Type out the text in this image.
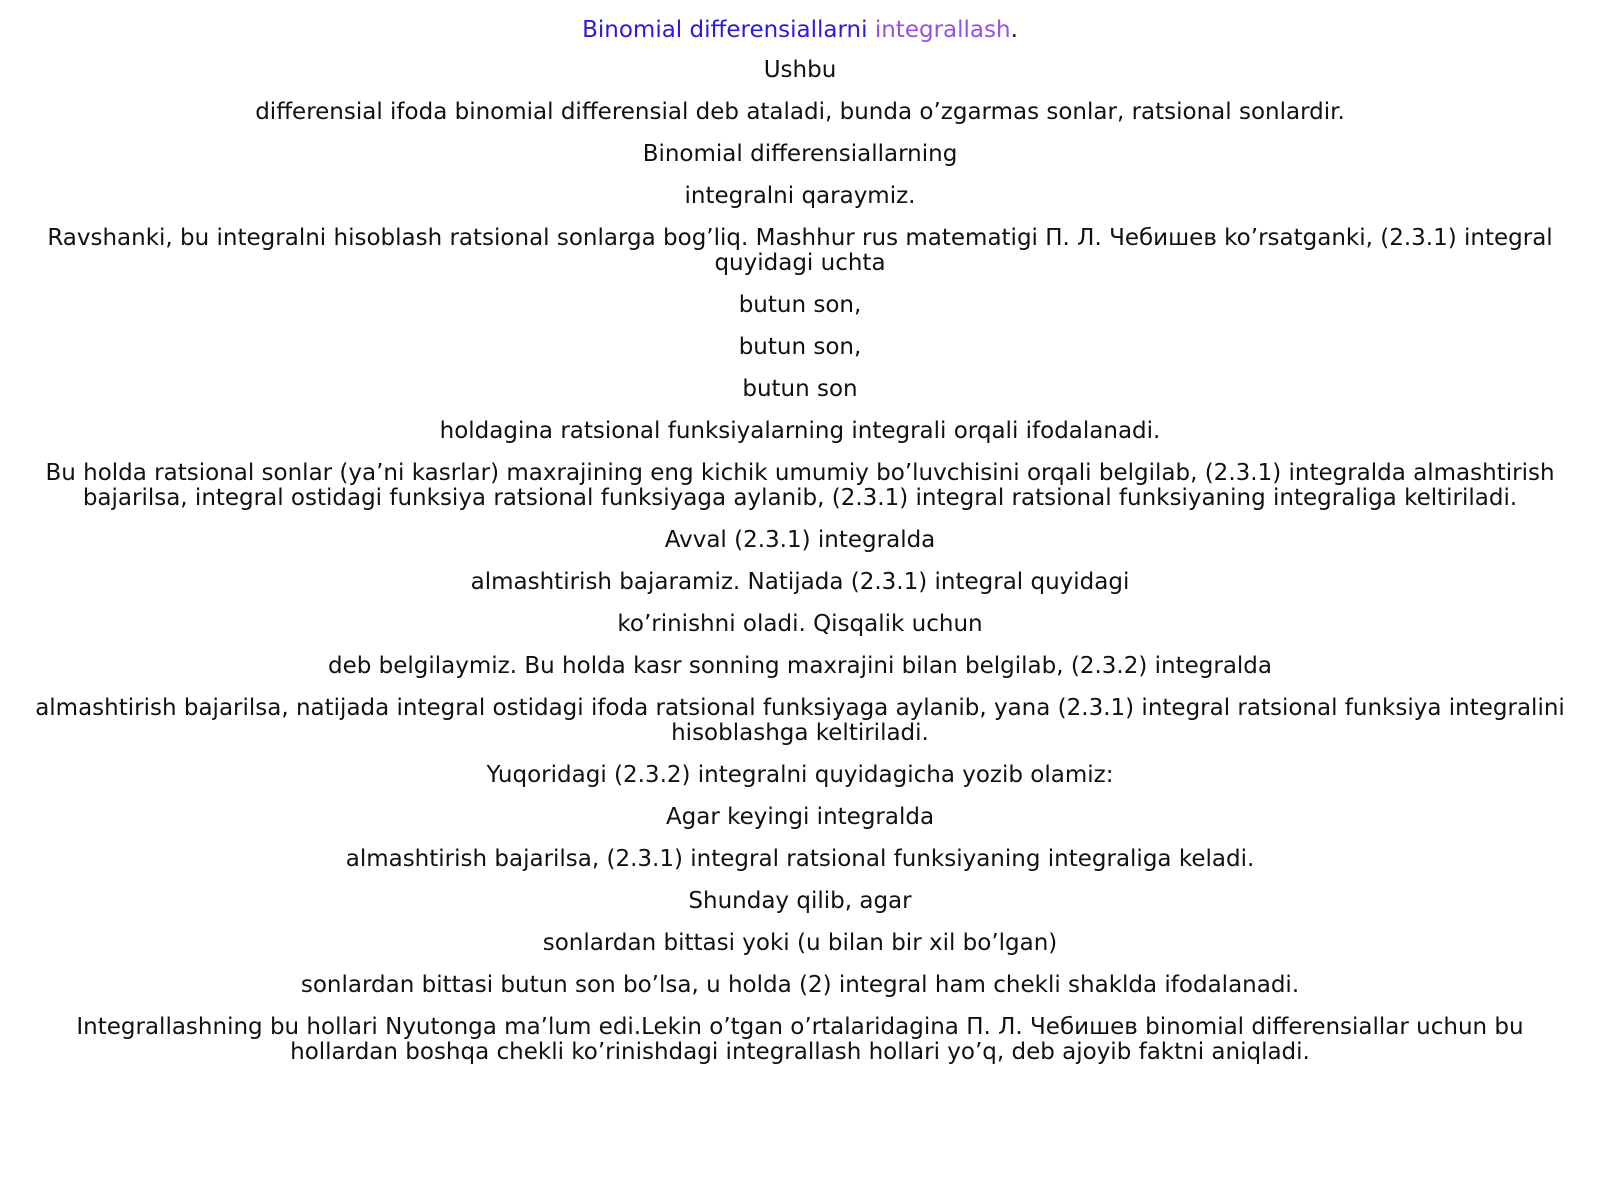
Binomial differensiallarni integrallash.

Ushbu

differensial ifoda binomial differensial deb ataladi, bunda o’zgarmas sonlar, ratsional sonlardir.

Binomial differensiallarning

integralni qaraymiz.

Ravshanki, bu integralni hisoblash ratsional sonlarga bog’liq. Mashhur rus matematigi П. Л. Чебишев ko’rsatganki, (2.3.1) integral quyidagi uchta

butun son,

butun son,

butun son

holdagina ratsional funksiyalarning integrali orqali ifodalanadi.

Bu holda ratsional sonlar (ya’ni kasrlar) maxrajining eng kichik umumiy bo’luvchisini orqali belgilab, (2.3.1) integralda almashtirish bajarilsa, integral ostidagi funksiya ratsional funksiyaga aylanib, (2.3.1) integral ratsional funksiyaning integraliga keltiriladi.

Avval (2.3.1) integralda

almashtirish bajaramiz. Natijada (2.3.1) integral quyidagi

ko’rinishni oladi. Qisqalik uchun

deb belgilaymiz. Bu holda kasr sonning maxrajini bilan belgilab, (2.3.2) integralda

almashtirish bajarilsa, natijada integral ostidagi ifoda ratsional funksiyaga aylanib, yana (2.3.1) integral ratsional funksiya integralini hisoblashga keltiriladi.

Yuqoridagi (2.3.2) integralni quyidagicha yozib olamiz:

Agar keyingi integralda

almashtirish bajarilsa, (2.3.1) integral ratsional funksiyaning integraliga keladi.

Shunday qilib, agar

sonlardan bittasi yoki (u bilan bir xil bo’lgan)

sonlardan bittasi butun son bo’lsa, u holda (2) integral ham chekli shaklda ifodalanadi.

Integrallashning bu hollari Nyutonga ma’lum edi.Lekin o’tgan o’rtalaridagina П. Л. Чебишев binomial differensiallar uchun bu hollardan boshqa chekli ko’rinishdagi integrallash hollari yo’q, deb ajoyib faktni aniqladi.
